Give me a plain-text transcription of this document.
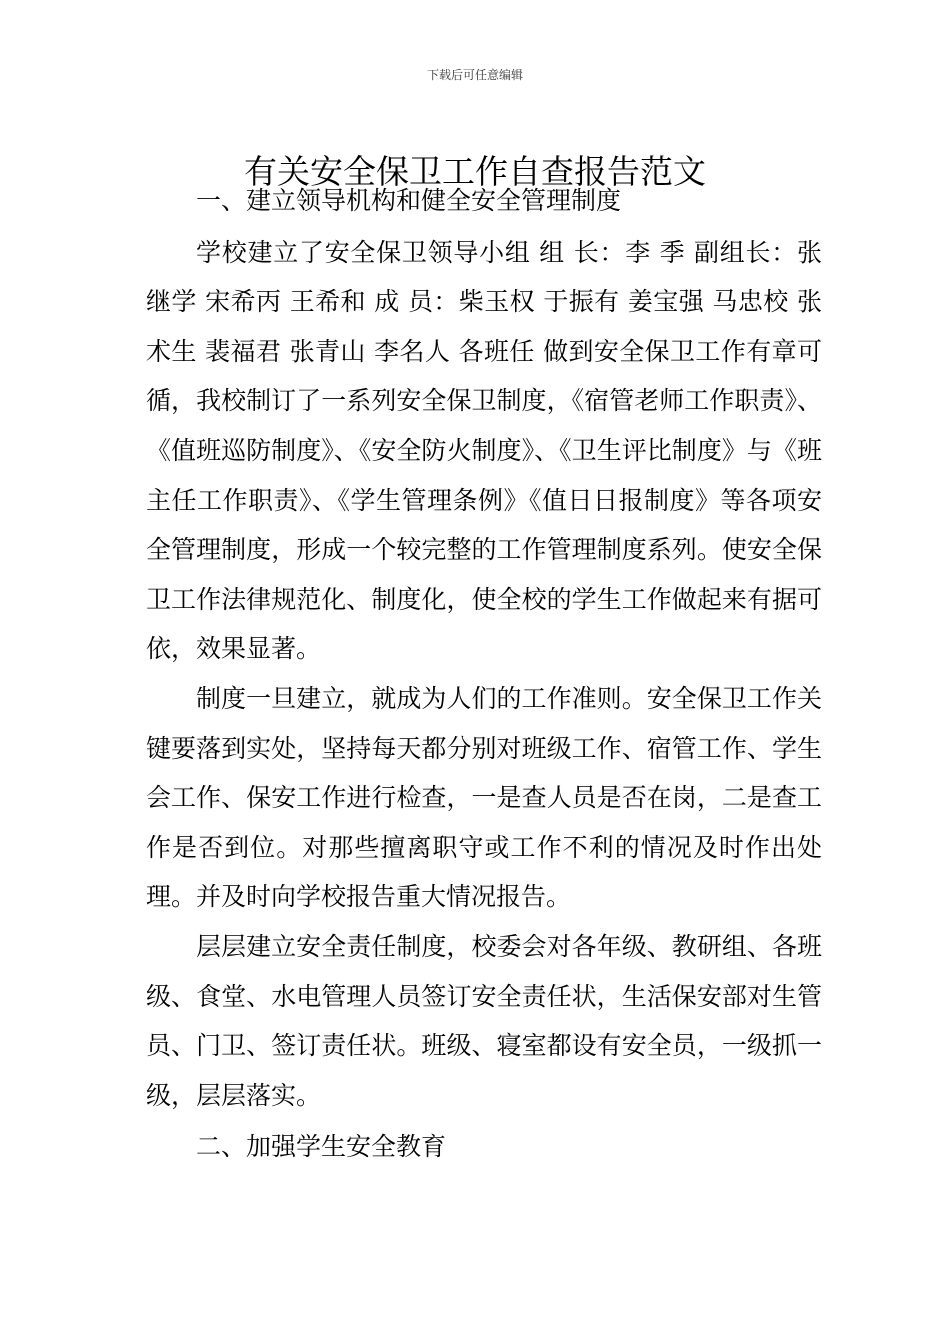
下载后可任意编辑
有关安全保卫工作自查报告范文

一、建立领导机构和健全安全管理制度

学校建立了安全保卫领导小组 组 长：李 季 副组长：张继学 宋希丙 王希和 成 员：柴玉权 于振有 姜宝强 马忠校 张术生 裴福君 张青山 李名人 各班任 做到安全保卫工作有章可循，我校制订了一系列安全保卫制度，《宿管老师工作职责》、《值班巡防制度》、《安全防火制度》、《卫生评比制度》与《班主任工作职责》、《学生管理条例》《值日日报制度》等各项安全管理制度，形成一个较完整的工作管理制度系列。使安全保卫工作法律规范化、制度化，使全校的学生工作做起来有据可依，效果显著。

制度一旦建立，就成为人们的工作准则。安全保卫工作关键要落到实处，坚持每天都分别对班级工作、宿管工作、学生会工作、保安工作进行检查，一是查人员是否在岗，二是查工作是否到位。对那些擅离职守或工作不利的情况及时作出处理。并及时向学校报告重大情况报告。

层层建立安全责任制度，校委会对各年级、教研组、各班级、食堂、水电管理人员签订安全责任状，生活保安部对生管员、门卫、签订责任状。班级、寝室都设有安全员，一级抓一级，层层落实。

二、加强学生安全教育
